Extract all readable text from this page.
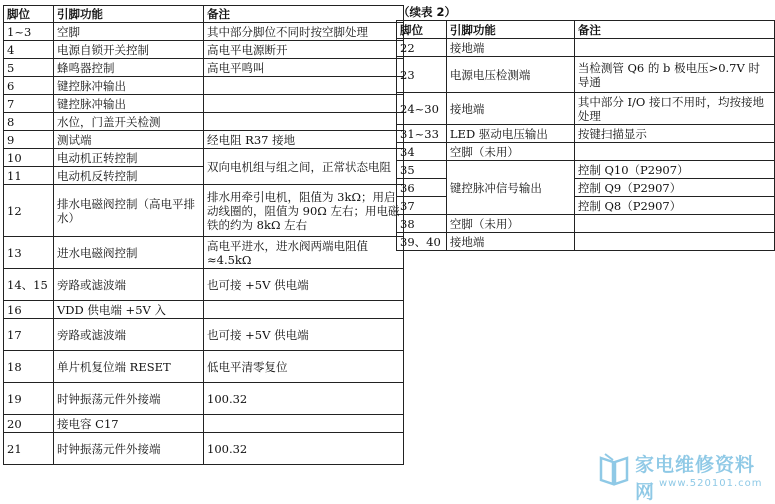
脚位	引脚功能	备注
1~3	空脚	其中部分脚位不同时按空脚处理
4	电源自锁开关控制	高电平电源断开
5	蜂鸣器控制	高电平鸣叫
6	键控脉冲输出	
7	键控脉冲输出	
8	水位，门盖开关检测	
9	测试端	经电阻 R37 接地
10	电动机正转控制	双向电机组与组之间，正常状态电阻
11	电动机反转控制	
12	排水电磁阀控制（高电平排水）	排水用牵引电机，阻值为 3kΩ；用启动线圈的，阻值为 90Ω 左右；用电磁铁的约为 8kΩ 左右
13	进水电磁阀控制	高电平进水，进水阀两端电阻值≈4.5kΩ
14、15	旁路或滤波端	也可接 +5V 供电端
16	VDD 供电端 +5V 入	
17	旁路或滤波端	也可接 +5V 供电端
18	单片机复位端 RESET	低电平清零复位
19	时钟振荡元件外接端	100.32
20	接电容 C17	
21	时钟振荡元件外接端	100.32
（续表 2）
脚位	引脚功能	备注
22	接地端	
23	电源电压检测端	当检测管 Q6 的 b 极电压>0.7V 时导通
24~30	接地端	其中部分 I/O 接口不用时，均按接地处理
31~33	LED 驱动电压输出	按键扫描显示
34	空脚（未用）	
35	键控脉冲信号输出	控制 Q10（P2907）
36		控制 Q9（P2907）
37		控制 Q8（P2907）
38	空脚（未用）	
39、40	接地端	
家电维修资料网 www.520101.com
